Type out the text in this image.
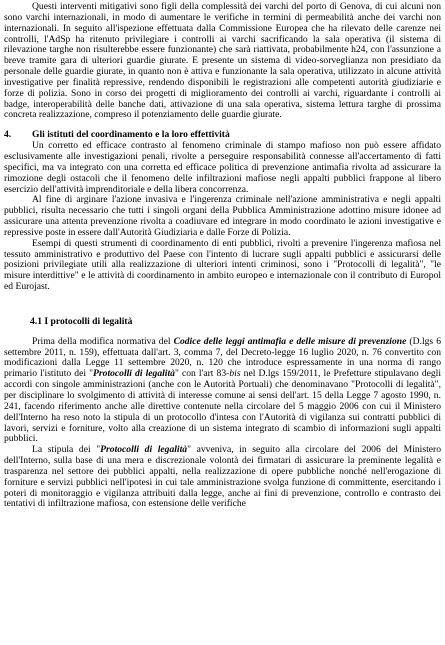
Questi interventi mitigativi sono figli della complessità dei varchi del porto di Genova, di cui alcuni non sono varchi internazionali, in modo di aumentare le verifiche in termini di permeabilità anche dei varchi non internazionali. In seguito all'ispezione effettuata dalla Commissione Europea che ha rilevato delle carenze nei controlli, l'AdSp ha ritenuto privilegiare i controlli ai varchi sacrificando la sala operativa (il sistema di rilevazione targhe non risulterebbe essere funzionante) che sarà riattivata, probabilmente h24, con l'assunzione a breve tramite gara di ulteriori guardie giurate. E presente un sistema di video-sorveglianza non presidiato da personale delle guardie giurate, in quanto non è attiva e funzionante la sala operativa, utilizzato in alcune attività investigative per finalità repressive, rendendo disponibili le registrazioni alle competenti autorità giudiziarie e forze di polizia. Sono in corso dei progetti di miglioramento dei controlli ai varchi, riguardante i controlli ai badge, interoperabilità delle banche dati, attivazione di una sala operativa, sistema lettura targhe di prossima concreta realizzazione, compreso il potenziamento delle guardie giurate.

4.	Gli istituti del coordinamento e la loro effettività

Un corretto ed efficace contrasto al fenomeno criminale di stampo mafioso non può essere affidato esclusivamente alle investigazioni penali, rivolte a perseguire responsabilità connesse all'accertamento di fatti specifici, ma va integrato con una corretta ed efficace politica di prevenzione antimafia rivolta ad assicurare la rimozione degli ostacoli che il fenomeno delle infiltrazioni mafiose negli appalti pubblici frappone al libero esercizio dell'attività imprenditoriale e della libera concorrenza.

Al fine di arginare l'azione invasiva e l'ingerenza criminale nell'azione amministrativa e negli appalti pubblici, risulta necessario che tutti i singoli organi della Pubblica Amministrazione adottino misure idonee ad assicurare una attenta prevenzione rivolta a coadiuvare ed integrare in modo coordinato le azioni investigative e repressive poste in essere dall'Autorità Giudiziaria e dalle Forze di Polizia.

Esempi di questi strumenti di coordinamento di enti pubblici, rivolti a prevenire l'ingerenza mafiosa nel tessuto amministrativo e produttivo del Paese con l'intento di lucrare sugli appalti pubblici e assicurarsi delle posizioni privilegiate utili alla realizzazione di ulteriori intenti criminosi, sono i "Protocolli di legalità", "le misure interdittive" e le attività di coordinamento in ambito europeo e internazionale con il contributo di Europol ed Eurojast.

4.1 I protocolli di legalità

Prima della modifica normativa del Codice delle leggi antimafia e delle misure di prevenzione (D.lgs 6 settembre 2011, n. 159), effettuata dall'art. 3, comma 7, del Decreto-legge 16 luglio 2020, n. 76 convertito con modificazioni dalla Legge 11 settembre 2020, n. 120 che introduce espressamente in una norma di rango primario l'istituto dei "Protocolli di legalità" con l'art 83-bis nel D.lgs 159/2011, le Prefetture stipulavano degli accordi con singole amministrazioni (anche con le Autorità Portuali) che denominavano "Protocolli di legalità", per disciplinare lo svolgimento di attività di interesse comune ai sensi dell'art. 15 della Legge 7 agosto 1990, n. 241, facendo riferimento anche alle direttive contenute nella circolare del 5 maggio 2006 con cui il Ministero dell'Interno ha reso noto la stipula di un protocollo d'intesa con l'Autorità di vigilanza sui contratti pubblici di lavori, servizi e forniture, volto alla creazione di un sistema integrato di scambio di informazioni sugli appalti pubblici.

La stipula dei "Protocolli di legalità" avveniva, in seguito alla circolare del 2006 del Ministero dell'Interno, sulla base di una mera e discrezionale volontà dei firmatari di assicurare la preminente legalità e trasparenza nel settore dei pubblici appalti, nella realizzazione di opere pubbliche nonché nell'erogazione di forniture e servizi pubblici nell'ipotesi in cui tale amministrazione svolga funzione di committente, esercitando i poteri di monitoraggio e vigilanza attribuiti dalla legge, anche ai fini di prevenzione, controllo e contrasto dei tentativi di infiltrazione mafiosa, con estensione delle verifiche
